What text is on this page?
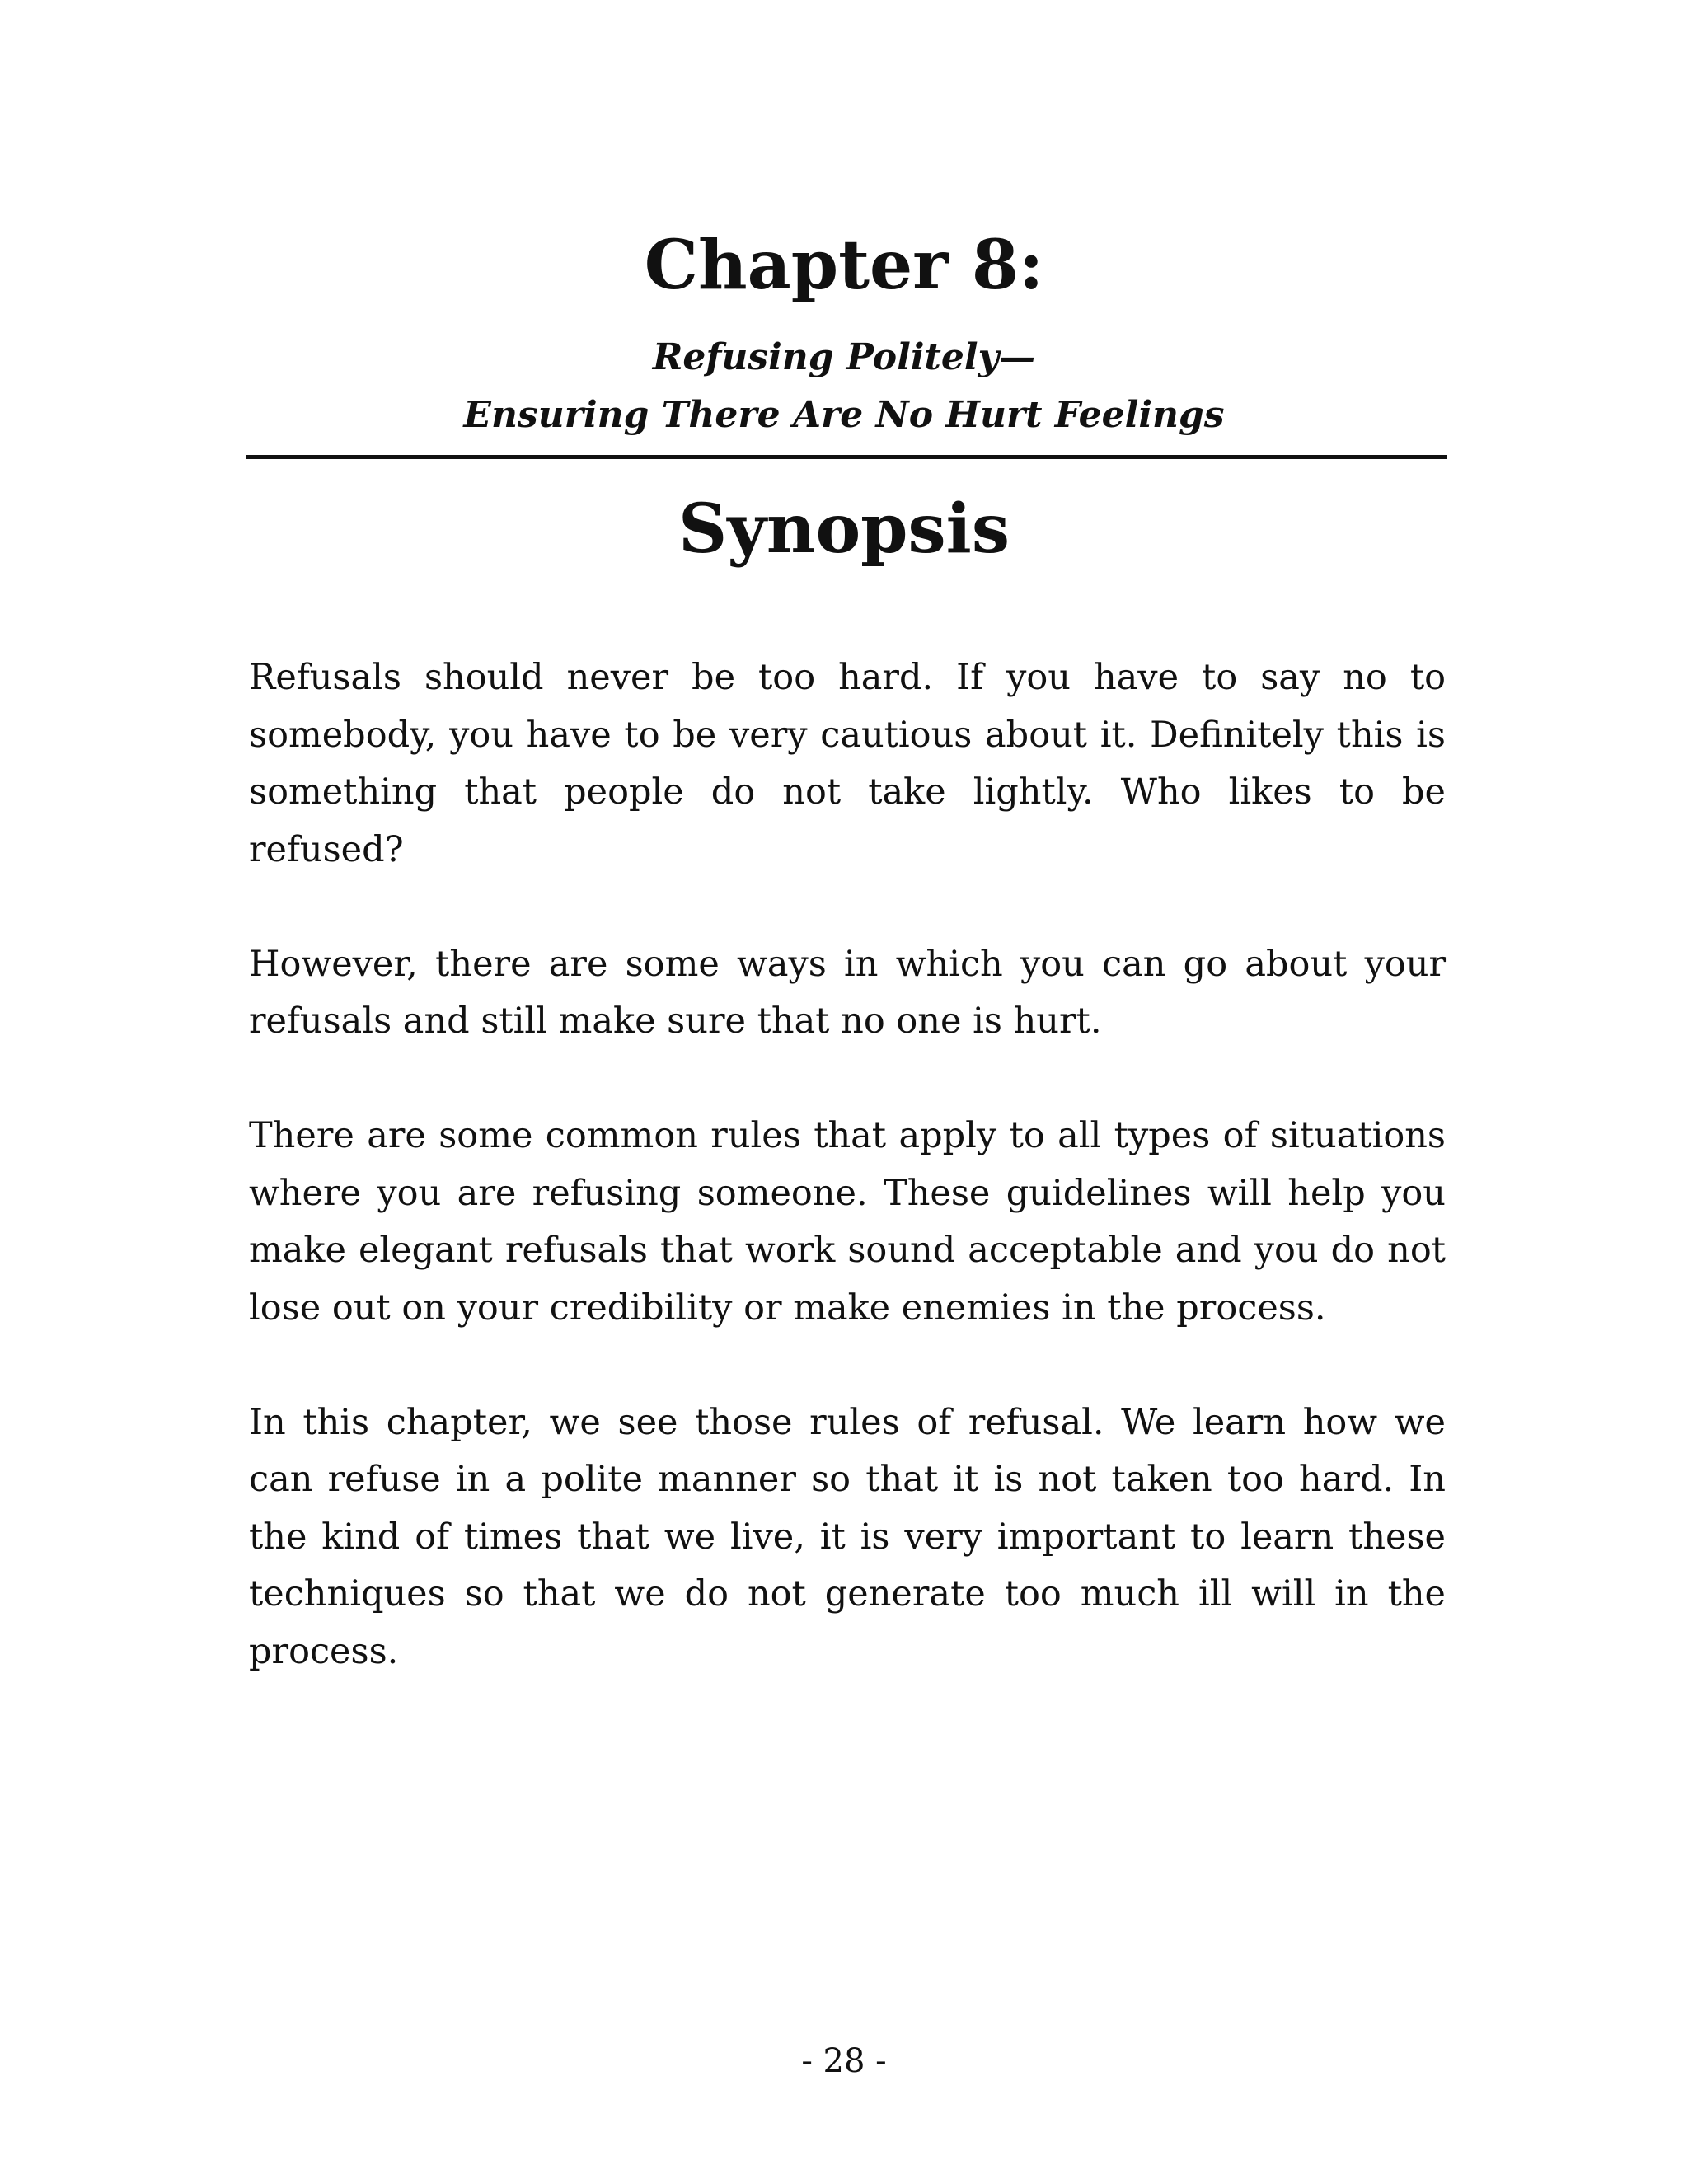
Chapter 8:
Refusing Politely—
Ensuring There Are No Hurt Feelings
Synopsis

Refusals should never be too hard. If you have to say no to somebody, you have to be very cautious about it. Definitely this is something that people do not take lightly. Who likes to be refused?

However, there are some ways in which you can go about your refusals and still make sure that no one is hurt.

There are some common rules that apply to all types of situations where you are refusing someone. These guidelines will help you make elegant refusals that work sound acceptable and you do not lose out on your credibility or make enemies in the process.

In this chapter, we see those rules of refusal. We learn how we can refuse in a polite manner so that it is not taken too hard. In the kind of times that we live, it is very important to learn these techniques so that we do not generate too much ill will in the process.

- 28 -
